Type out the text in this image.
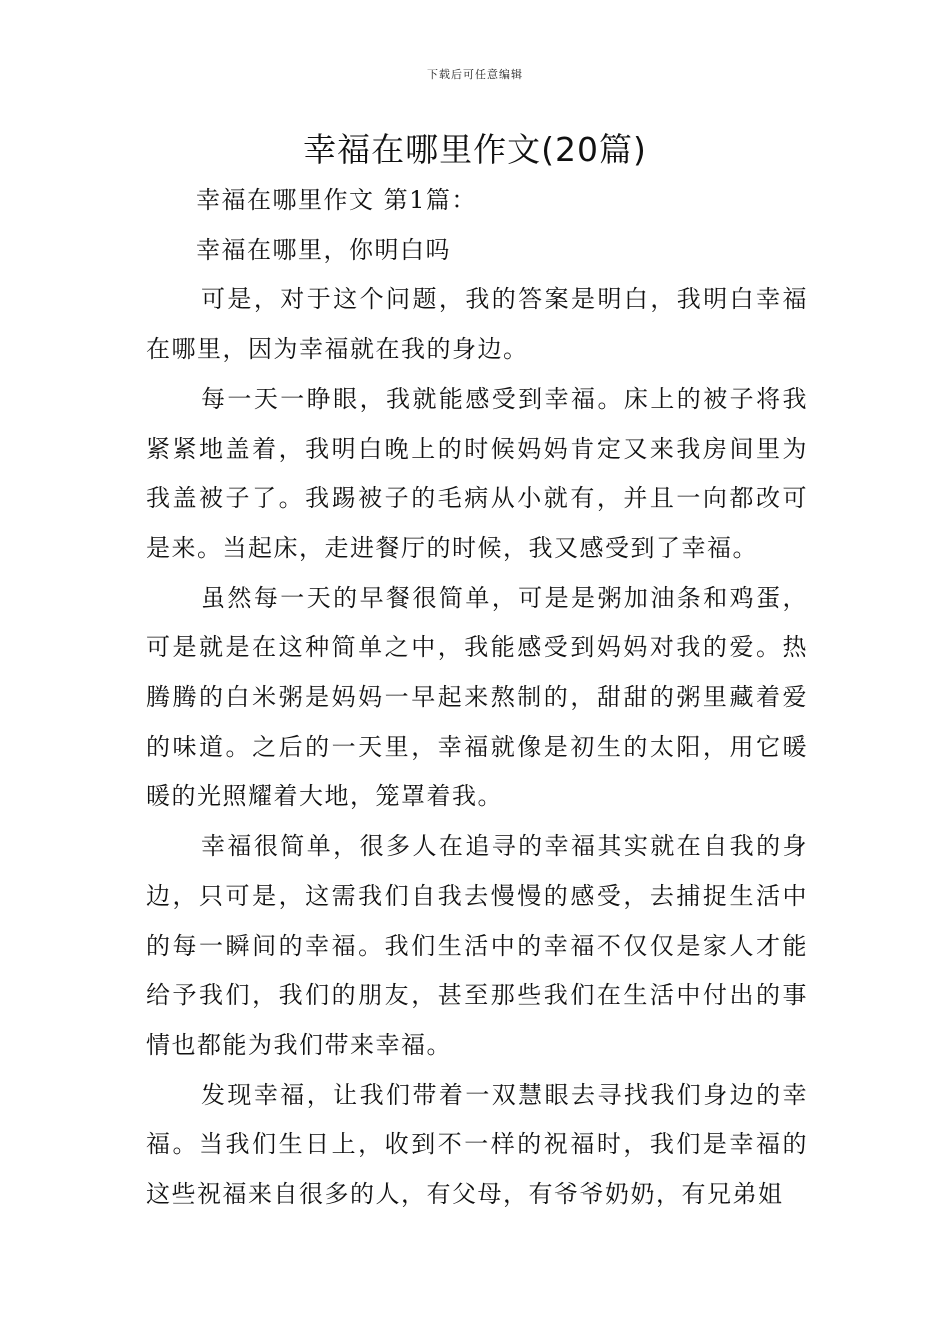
下载后可任意编辑
幸福在哪里作文(20篇)

幸福在哪里作文 第1篇：

幸福在哪里，你明白吗

可是，对于这个问题，我的答案是明白，我明白幸福在哪里，因为幸福就在我的身边。

每一天一睁眼，我就能感受到幸福。床上的被子将我紧紧地盖着，我明白晚上的时候妈妈肯定又来我房间里为我盖被子了。我踢被子的毛病从小就有，并且一向都改可是来。当起床，走进餐厅的时候，我又感受到了幸福。

虽然每一天的早餐很简单，可是是粥加油条和鸡蛋，可是就是在这种简单之中，我能感受到妈妈对我的爱。热腾腾的白米粥是妈妈一早起来熬制的，甜甜的粥里藏着爱的味道。之后的一天里，幸福就像是初生的太阳，用它暖暖的光照耀着大地，笼罩着我。

幸福很简单，很多人在追寻的幸福其实就在自我的身边，只可是，这需我们自我去慢慢的感受，去捕捉生活中的每一瞬间的幸福。我们生活中的幸福不仅仅是家人才能给予我们，我们的朋友，甚至那些我们在生活中付出的事情也都能为我们带来幸福。

发现幸福，让我们带着一双慧眼去寻找我们身边的幸福。当我们生日上，收到不一样的祝福时，我们是幸福的这些祝福来自很多的人，有父母，有爷爷奶奶，有兄弟姐
